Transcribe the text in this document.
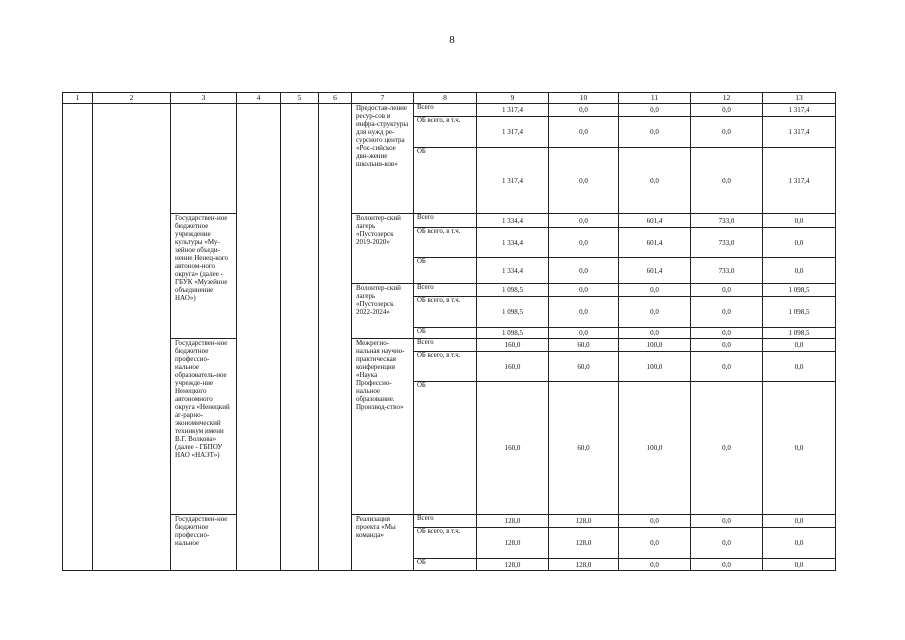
8
1	2	3	4	5	6	7	8	9	10	11	12	13
						Предостав-ление ресур-сов и инфра-структуры для нужд ре-сурсного центра «Рос-сийское дви-жение школьни-ков»	Всего	1 317,4	0,0	0,0	0,0	1 317,4
							ОБ всего, в т.ч.	1 317,4	0,0	0,0	0,0	1 317,4
							ОБ	1 317,4	0,0	0,0	0,0	1 317,4
		Государствен-ное бюджетное учреждение культуры «Му-зейное объеди-нение Ненец-кого автоном-ного округа» (далее - ГБУК «Музейное объединение НАО»)				Волонтер-ский лагерь «Пустозерск 2019-2020»	Всего	1 334,4	0,0	601,4	733,0	0,0
							ОБ всего, в т.ч.	1 334,4	0,0	601,4	733,0	0,0
							ОБ	1 334,4	0,0	601,4	733,0	0,0
						Волонтер-ский лагерь «Пустозерск 2022-2024»	Всего	1 098,5	0,0	0,0	0,0	1 098,5
							ОБ всего, в т.ч.	1 098,5	0,0	0,0	0,0	1 098,5
							ОБ	1 098,5	0,0	0,0	0,0	1 098,5
		Государствен-ное бюджетное профессио-нальное образователь-ное учрежде-ние Ненецкого автономного округа «Ненецкий аг-рарно-экономический техникум имени В.Г. Волкова» (далее - ГБПОУ НАО «НАЭТ»)				Межрегио-нальная научно-практическая конференция «Наука Профессио-нальное образование. Производ-ство»	Всего	160,0	60,0	100,0	0,0	0,0
							ОБ всего, в т.ч.	160,0	60,0	100,0	0,0	0,0
							ОБ	160,0	60,0	100,0	0,0	0,0
		Государствен-ное бюджетное профессио-нальное				Реализация проекта «Мы команда»	Всего	128,0	128,0	0,0	0,0	0,0
							ОБ всего, в т.ч.	128,0	128,0	0,0	0,0	0,0
							ОБ	128,0	128,0	0,0	0,0	0,0
